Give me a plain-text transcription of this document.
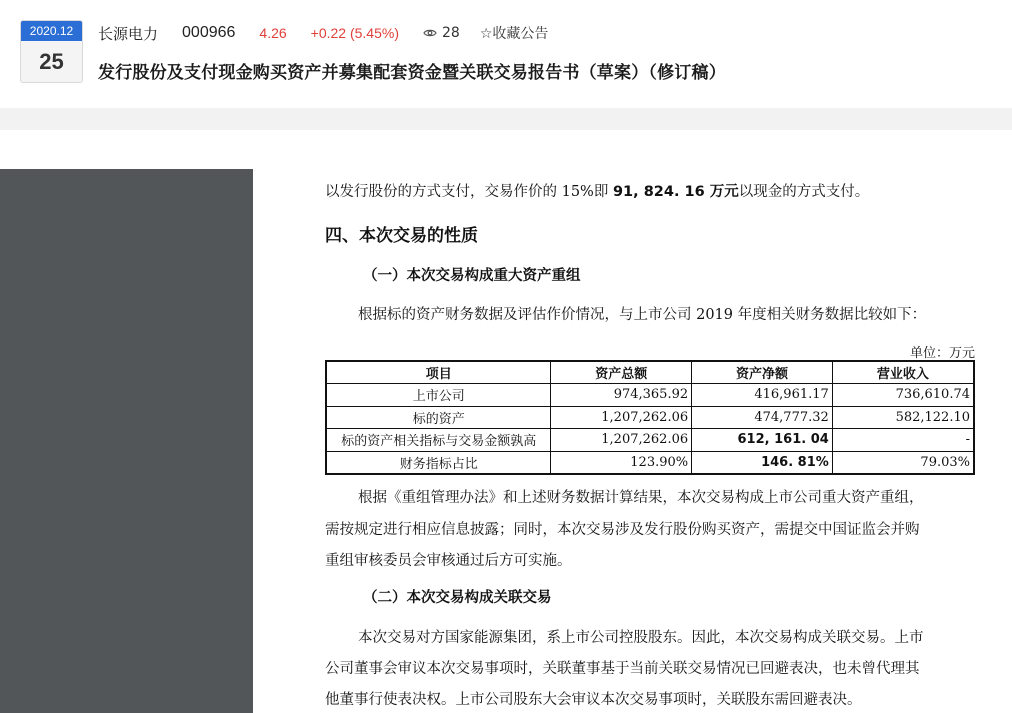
2020.12
25
长源电力 000966 4.26 +0.22 (5.45%)	28 ☆收藏公告
发行股份及支付现金购买资产并募集配套资金暨关联交易报告书（草案）（修订稿）
以发行股份的方式支付，交易作价的 15%即 91, 824. 16 万元以现金的方式支付。
四、本次交易的性质
（一）本次交易构成重大资产重组
根据标的资产财务数据及评估作价情况，与上市公司 2019 年度相关财务数据比较如下：
单位：万元
项目	资产总额	资产净额	营业收入
上市公司	974,365.92	416,961.17	736,610.74
标的资产	1,207,262.06	474,777.32	582,122.10
标的资产相关指标与交易金额孰高	1,207,262.06	612, 161. 04	-
财务指标占比	123.90%	146. 81%	79.03%
根据《重组管理办法》和上述财务数据计算结果，本次交易构成上市公司重大资产重组，
需按规定进行相应信息披露；同时，本次交易涉及发行股份购买资产，需提交中国证监会并购
重组审核委员会审核通过后方可实施。
（二）本次交易构成关联交易
本次交易对方国家能源集团，系上市公司控股股东。因此，本次交易构成关联交易。上市
公司董事会审议本次交易事项时，关联董事基于当前关联交易情况已回避表决，也未曾代理其
他董事行使表决权。上市公司股东大会审议本次交易事项时，关联股东需回避表决。
